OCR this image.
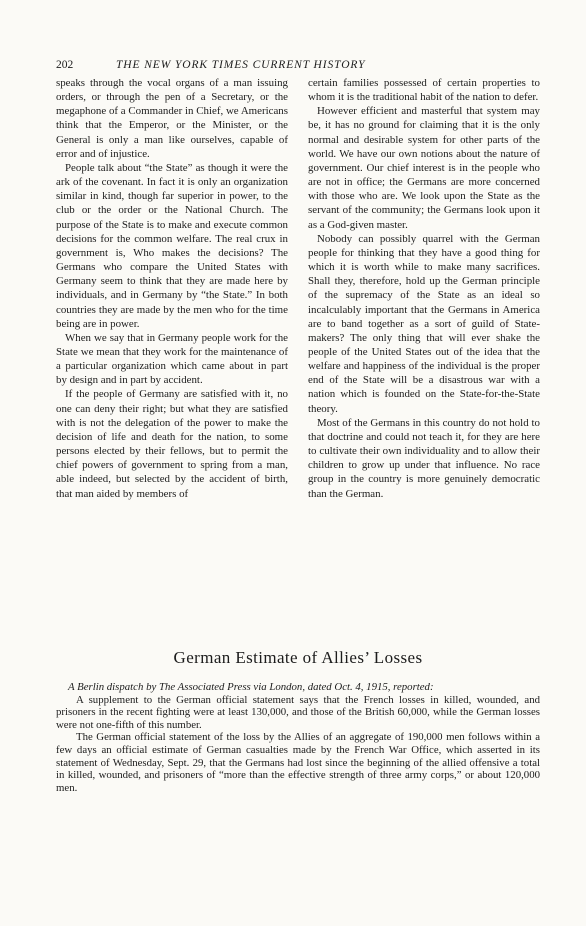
202	THE NEW YORK TIMES CURRENT HISTORY

speaks through the vocal organs of a man issuing orders, or through the pen of a Secretary, or the megaphone of a Commander in Chief, we Americans think that the Emperor, or the Minister, or the General is only a man like ourselves, capable of error and of injustice.

People talk about “the State” as though it were the ark of the covenant. In fact it is only an organization similar in kind, though far superior in power, to the club or the order or the National Church. The purpose of the State is to make and execute common decisions for the common welfare. The real crux in government is, Who makes the decisions? The Germans who compare the United States with Germany seem to think that they are made here by individuals, and in Germany by “the State.” In both countries they are made by the men who for the time being are in power.

When we say that in Germany people work for the State we mean that they work for the maintenance of a particular organization which came about in part by design and in part by accident.

If the people of Germany are satisfied with it, no one can deny their right; but what they are satisfied with is not the delegation of the power to make the decision of life and death for the nation, to some persons elected by their fellows, but to permit the chief powers of government to spring from a man, able indeed, but selected by the accident of birth, that man aided by members of

certain families possessed of certain properties to whom it is the traditional habit of the nation to defer.

However efficient and masterful that system may be, it has no ground for claiming that it is the only normal and desirable system for other parts of the world. We have our own notions about the nature of government. Our chief interest is in the people who are not in office; the Germans are more concerned with those who are. We look upon the State as the servant of the community; the Germans look upon it as a God-given master.

Nobody can possibly quarrel with the German people for thinking that they have a good thing for which it is worth while to make many sacrifices. Shall they, therefore, hold up the German principle of the supremacy of the State as an ideal so incalculably important that the Germans in America are to band together as a sort of guild of State-makers? The only thing that will ever shake the people of the United States out of the idea that the welfare and happiness of the individual is the proper end of the State will be a disastrous war with a nation which is founded on the State-for-the-State theory.

Most of the Germans in this country do not hold to that doctrine and could not teach it, for they are here to cultivate their own individuality and to allow their children to grow up under that influence. No race group in the country is more genuinely democratic than the German.

German Estimate of Allies’ Losses

A Berlin dispatch by The Associated Press via London, dated Oct. 4, 1915, reported:

A supplement to the German official statement says that the French losses in killed, wounded, and prisoners in the recent fighting were at least 130,000, and those of the British 60,000, while the German losses were not one-fifth of this number.

The German official statement of the loss by the Allies of an aggregate of 190,000 men follows within a few days an official estimate of German casualties made by the French War Office, which asserted in its statement of Wednesday, Sept. 29, that the Germans had lost since the beginning of the allied offensive a total in killed, wounded, and prisoners of “more than the effective strength of three army corps,” or about 120,000 men.
